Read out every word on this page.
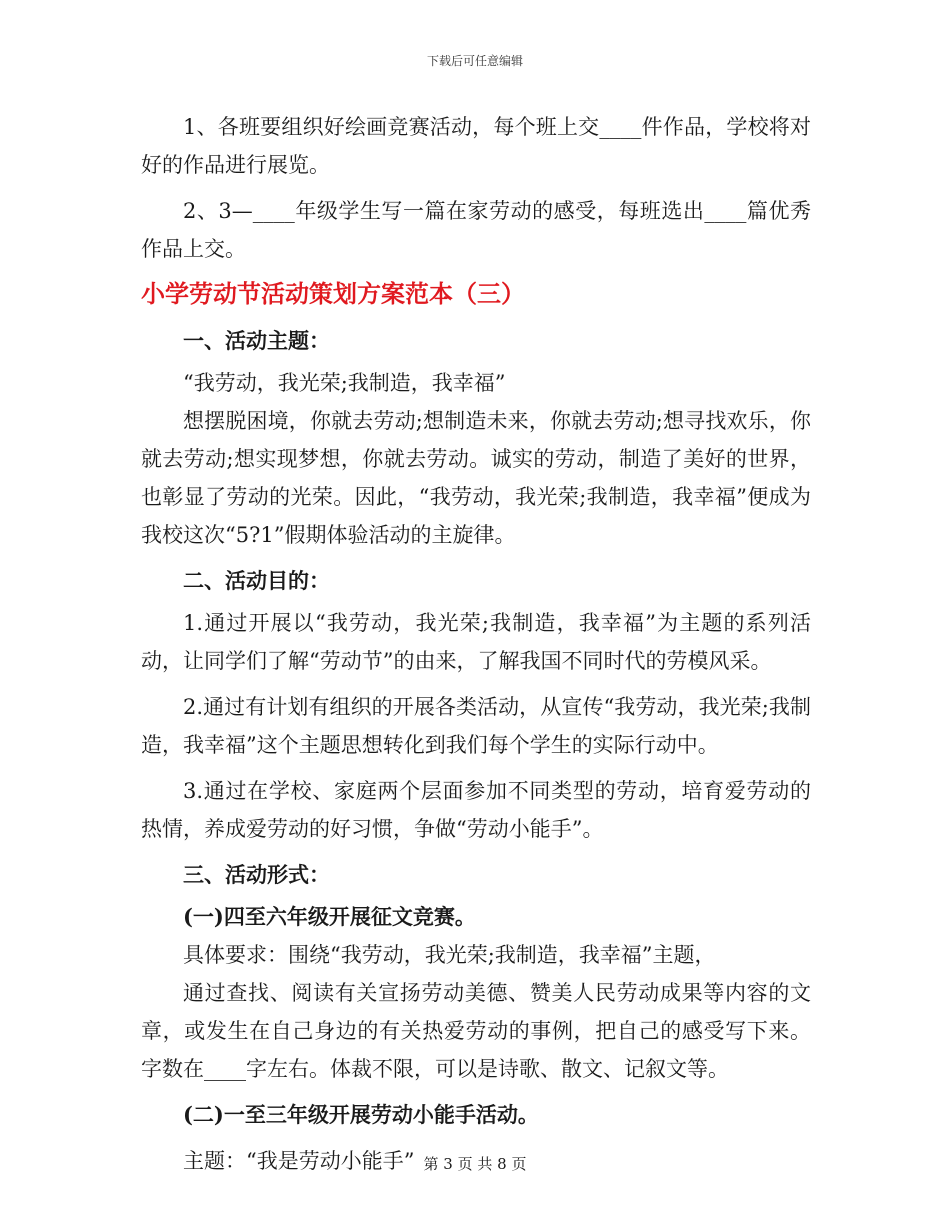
下载后可任意编辑

1、各班要组织好绘画竞赛活动，每个班上交____件作品，学校将对好的作品进行展览。

2、3—____年级学生写一篇在家劳动的感受，每班选出____篇优秀作品上交。

小学劳动节活动策划方案范本（三）

一、活动主题：

“我劳动，我光荣;我制造，我幸福”

想摆脱困境，你就去劳动;想制造未来，你就去劳动;想寻找欢乐，你就去劳动;想实现梦想，你就去劳动。诚实的劳动，制造了美好的世界，也彰显了劳动的光荣。因此，“我劳动，我光荣;我制造，我幸福”便成为我校这次“5?1”假期体验活动的主旋律。

二、活动目的：

1.通过开展以“我劳动，我光荣;我制造，我幸福”为主题的系列活动，让同学们了解“劳动节”的由来，了解我国不同时代的劳模风采。

2.通过有计划有组织的开展各类活动，从宣传“我劳动，我光荣;我制造，我幸福”这个主题思想转化到我们每个学生的实际行动中。

3.通过在学校、家庭两个层面参加不同类型的劳动，培育爱劳动的热情，养成爱劳动的好习惯，争做“劳动小能手”。

三、活动形式：

(一)四至六年级开展征文竞赛。

具体要求：围绕“我劳动，我光荣;我制造，我幸福”主题，

通过查找、阅读有关宣扬劳动美德、赞美人民劳动成果等内容的文章，或发生在自己身边的有关热爱劳动的事例，把自己的感受写下来。字数在____字左右。体裁不限，可以是诗歌、散文、记叙文等。

(二)一至三年级开展劳动小能手活动。

主题：“我是劳动小能手” 第 3 页 共 8 页
